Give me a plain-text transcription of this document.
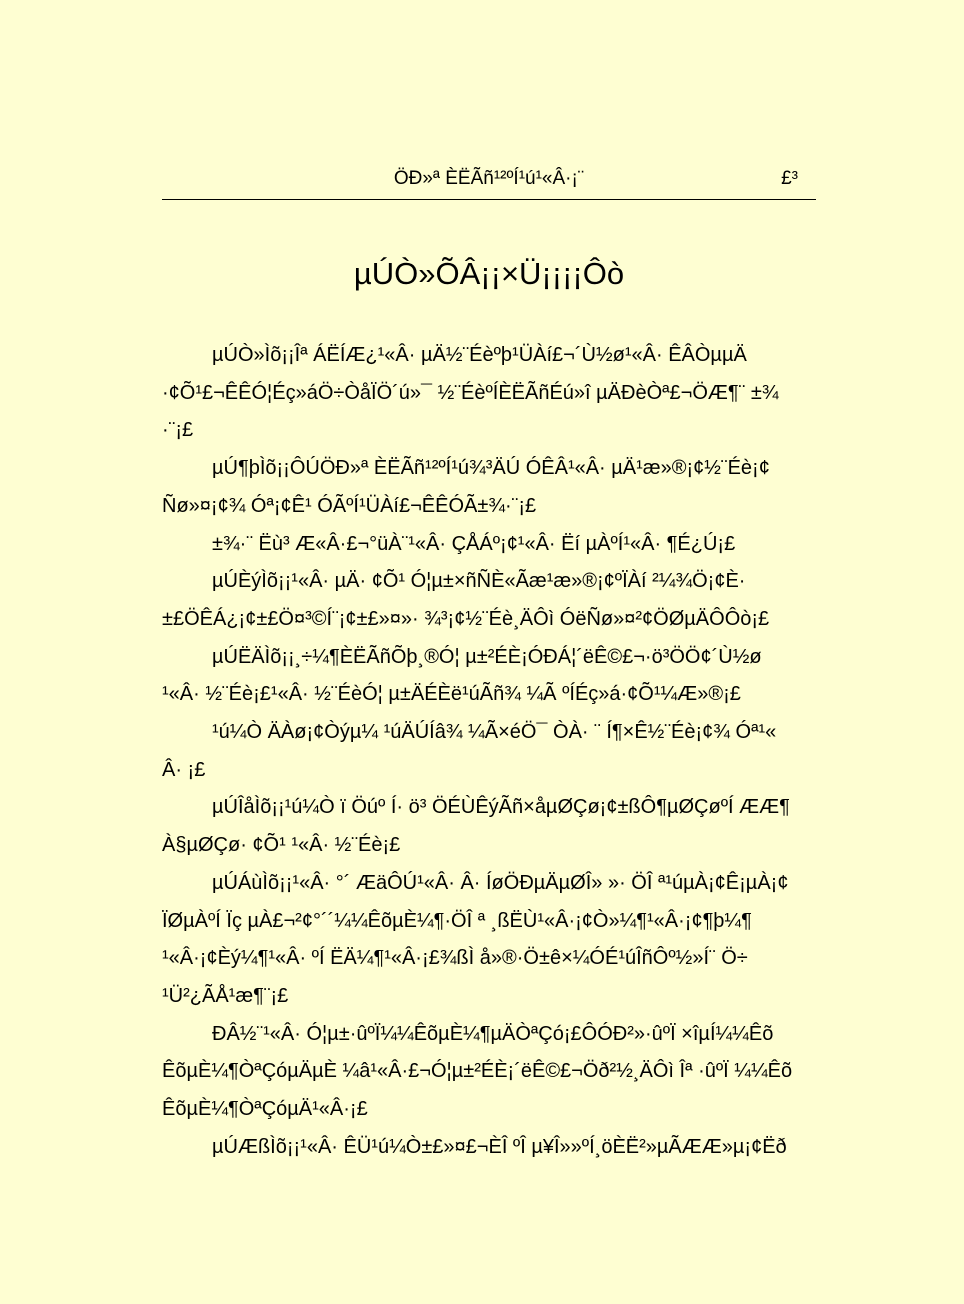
ÖÐ»ª ÈËÃñ¹²ºÍ¹ú¹«Â·¡¨	£³
µÚÒ»ÕÂ¡¡×Ü¡¡¡¡Ôò
µÚÒ»Ìõ¡¡Îª ÁËÍÆ¿¹«Â· µÄ½¨Éèºþ¹ÜÀí£¬´Ù½ø¹«Â· ÊÂÒµµÄ
·¢Õ¹£¬ÊÊÓ¦Éç»áÖ÷ÒåÏÖ´ú»¯ ½¨ÉèºÍÈËÃñÉú»î µÄÐèÒª£¬ÖÆ¶¨ ±¾
·¨¡£
µÚ¶þÌõ¡¡ÔÚÖÐ»ª ÈËÃñ¹²ºÍ¹ú¾³ÄÚ ÓÊÂ¹«Â· µÄ¹æ»®¡¢½¨Éè¡¢
Ñø»¤¡¢¾ Óª¡¢Ê¹ ÓÃºÍ¹ÜÀí£¬ÊÊÓÃ±¾·¨¡£
±¾·¨ Ëù³ Æ«Â·£¬°üÀ¨¹«Â· ÇÅÁº¡¢¹«Â· Ëí µÀºÍ¹«Â· ¶É¿Ú¡£
µÚÈýÌõ¡¡¹«Â· µÄ· ¢Õ¹ Ó¦µ±×ñÑÈ«Ãæ¹æ»®¡¢ºÏÀí ²¼¾Ö¡¢È·
±£ÖÊÁ¿¡¢±£Ö¤³©Í¨¡¢±£»¤»· ¾³¡¢½¨Éè¸ÄÔì ÓëÑø»¤²¢ÖØµÄÔÔò¡£
µÚËÄÌõ¡¡¸÷¼¶ÈËÃñÕþ¸®Ó¦ µ±²ÉÈ¡ÓÐÁ¦´ëÊ©£¬·ö³ÖÖ¢´Ù½ø
¹«Â· ½¨Éè¡£¹«Â· ½¨ÉèÓ¦ µ±ÄÉÈë¹úÃñ¾ ¼Ã ºÍÉç»á·¢Õ¹¼Æ»®¡£
¹ú¼Ò ÄÀø¡¢Òýµ¼ ¹úÄÚÍâ¾ ¼Ã×éÖ¯ ÒÀ· ¨ Í¶×Ê½¨Éè¡¢¾ Óª¹«
Â· ¡£
µÚÎåÌõ¡¡¹ú¼Ò ï Öúº Í· ö³ ÖÉÙÊýÃñ×åµØÇø¡¢±ßÔ¶µØÇøºÍ ÆÆ¶
À§µØÇø· ¢Õ¹ ¹«Â· ½¨Éè¡£
µÚÁùÌõ¡¡¹«Â· °´ ÆäÔÚ¹«Â· Â· ÍøÖÐµÄµØÎ» »· ÖÎ ª¹úµÀ¡¢Ê¡µÀ¡¢
ÏØµÀºÍ Ïç µÀ£¬²¢°´´¼¼ÊõµÈ¼¶·ÖÎ ª ¸ßËÙ¹«Â·¡¢Ò»¼¶¹«Â·¡¢¶þ¼¶
¹«Â·¡¢Èý¼¶¹«Â· ºÍ ËÄ¼¶¹«Â·¡£¾ßÌ å»®·Ö±ê×¼ÓÉ¹úÎñÔº½»Í¨ Ö÷
¹Ü²¿ÃÅ¹æ¶¨¡£
ÐÂ½¨¹«Â· Ó¦µ±·ûºÏ¼¼ÊõµÈ¼¶µÄÒªÇó¡£ÔÓÐ²»·ûºÏ ×îµÍ¼¼Êõ
ÊõµÈ¼¶ÒªÇóµÄµÈ ¼â¹«Â·£¬Ó¦µ±²ÉÈ¡´ëÊ©£¬Öð²½¸ÄÔì Îª ·ûºÏ ¼¼Êõ
ÊõµÈ¼¶ÒªÇóµÄ¹«Â·¡£
µÚÆßÌõ¡¡¹«Â· ÊÜ¹ú¼Ò±£»¤£¬ÈÎ ºÎ µ¥Î»»ºÍ¸öÈË²»µÃÆÆ»µ¡¢Ëð
